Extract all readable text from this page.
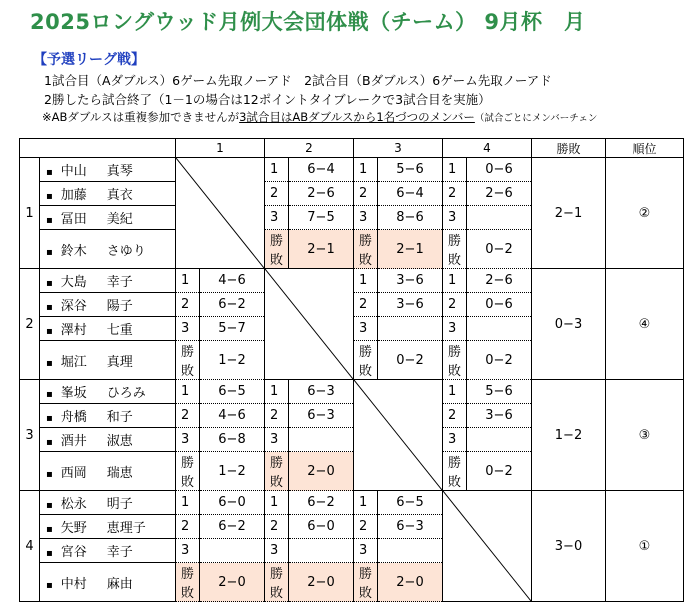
2025ロングウッド月例大会団体戦（チーム） 9月杯　月
【予選リーグ戦】
1試合目（Aダブルス）6ゲーム先取ノーアド　2試合目（Bダブルス）6ゲーム先取ノーアド
2勝したら試合終了（1－1の場合は12ポイントタイブレークで3試合目を実施）
※ABダブルスは重複参加できませんが3試合目はABダブルスから1名づつのメンバー（試合ごとにメンバーチェン
		1		2		3		4		勝敗	順位
1	▪ 中山 真琴			1	6−4	1	5−6	1	0−6	2−1	②
	▪ 加藤 真衣			2	2−6	2	6−4	2	2−6		
	▪ 冨田 美紀			3	7−5	3	8−6	3			
	▪ 鈴木 さゆり			勝敗	2−1	勝敗	2−1	勝敗	0−2		
2	▪ 大島 幸子	1	4−6			1	3−6	1	2−6	0−3	④
	▪ 深谷 陽子	2	6−2			2	3−6	2	0−6		
	▪ 澤村 七重	3	5−7			3		3			
	▪ 堀江 真理	勝敗	1−2			勝敗	0−2	勝敗	0−2		
3	▪ 峯坂 ひろみ	1	6−5	1	6−3			1	5−6	1−2	③
	▪ 舟橋 和子	2	4−6	2	6−3			2	3−6		
	▪ 酒井 淑恵	3	6−8	3				3			
	▪ 西岡 瑞恵	勝敗	1−2	勝敗	2−0			勝敗	0−2		
4	▪ 松永 明子	1	6−0	1	6−2	1	6−5			3−0	①
	▪ 矢野 恵理子	2	6−2	2	6−0	2	6−3				
	▪ 宮谷 幸子	3		3		3					
	▪ 中村 麻由	勝敗	2−0	勝敗	2−0	勝敗	2−0				
